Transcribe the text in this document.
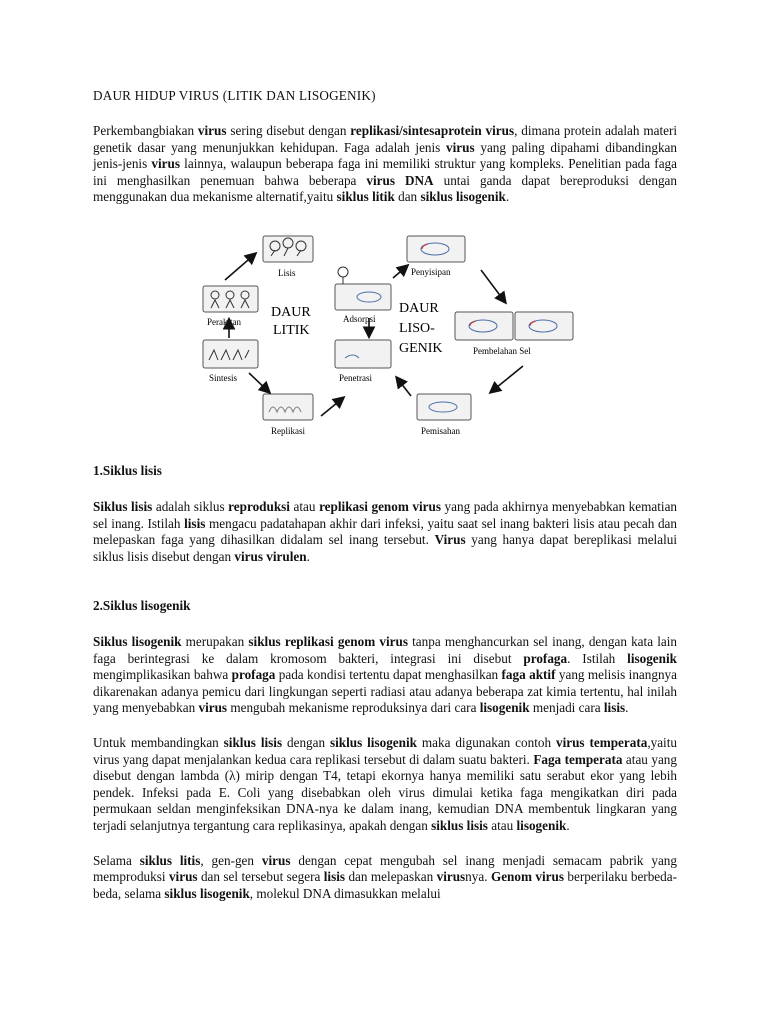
DAUR HIDUP VIRUS (LITIK DAN LISOGENIK)

Perkembangbiakan virus sering disebut dengan replikasi/sintesaprotein virus, dimana protein adalah materi genetik dasar yang menunjukkan kehidupan. Faga adalah jenis virus yang paling dipahami dibandingkan jenis-jenis virus lainnya, walaupun beberapa faga ini memiliki struktur yang kompleks. Penelitian pada faga ini menghasilkan penemuan bahwa beberapa virus DNA untai ganda dapat bereproduksi dengan menggunakan dua mekanisme alternatif,yaitu siklus litik dan siklus lisogenik.

Lisis
Perakitan
Sintesis
Replikasi
Adsorpsi
Penetrasi
Penyisipan
Pembelahan Sel
Pemisahan
DAUR
LITIK
DAUR
LISO-
GENIK
1.Siklus lisis

Siklus lisis adalah siklus reproduksi atau replikasi genom virus yang pada akhirnya menyebabkan kematian sel inang. Istilah lisis mengacu padatahapan akhir dari infeksi, yaitu saat sel inang bakteri lisis atau pecah dan melepaskan faga yang dihasilkan didalam sel inang tersebut. Virus yang hanya dapat bereplikasi melalui siklus lisis disebut dengan virus virulen.

2.Siklus lisogenik

Siklus lisogenik merupakan siklus replikasi genom virus tanpa menghancurkan sel inang, dengan kata lain faga berintegrasi ke dalam kromosom bakteri, integrasi ini disebut profaga. Istilah lisogenik mengimplikasikan bahwa profaga pada kondisi tertentu dapat menghasilkan faga aktif yang melisis inangnya dikarenakan adanya pemicu dari lingkungan seperti radiasi atau adanya beberapa zat kimia tertentu, hal inilah yang menyebabkan virus mengubah mekanisme reproduksinya dari cara lisogenik menjadi cara lisis.

Untuk membandingkan siklus lisis dengan siklus lisogenik maka digunakan contoh virus temperata,yaitu virus yang dapat menjalankan kedua cara replikasi tersebut di dalam suatu bakteri. Faga temperata atau yang disebut dengan lambda (λ) mirip dengan T4, tetapi ekornya hanya memiliki satu serabut ekor yang lebih pendek. Infeksi pada E. Coli yang disebabkan oleh virus dimulai ketika faga mengikatkan diri pada permukaan seldan menginfeksikan DNA-nya ke dalam inang, kemudian DNA membentuk lingkaran yang terjadi selanjutnya tergantung cara replikasinya, apakah dengan siklus lisis atau lisogenik.

Selama siklus litis, gen-gen virus dengan cepat mengubah sel inang menjadi semacam pabrik yang memproduksi virus dan sel tersebut segera lisis dan melepaskan virusnya. Genom virus berperilaku berbeda-beda, selama siklus lisogenik, molekul DNA dimasukkan melalui
